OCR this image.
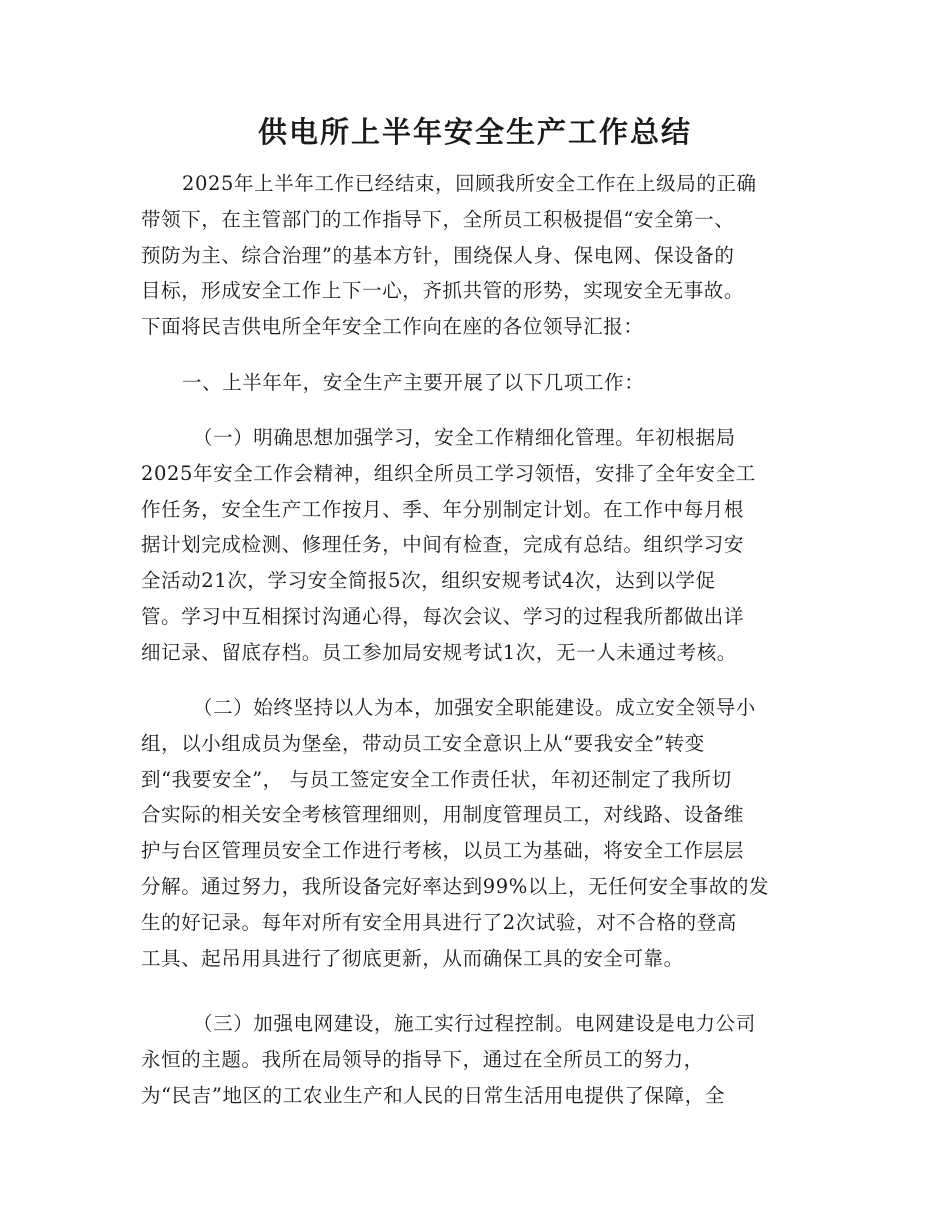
供电所上半年安全生产工作总结
2025年上半年工作已经结束，回顾我所安全工作在上级局的正确
带领下，在主管部门的工作指导下，全所员工积极提倡“安全第一、
预防为主、综合治理”的基本方针，围绕保人身、保电网、保设备的
目标，形成安全工作上下一心，齐抓共管的形势，实现安全无事故。
下面将民吉供电所全年安全工作向在座的各位领导汇报：
一、上半年年，安全生产主要开展了以下几项工作：
（一）明确思想加强学习，安全工作精细化管理。年初根据局
2025年安全工作会精神，组织全所员工学习领悟，安排了全年安全工
作任务，安全生产工作按月、季、年分别制定计划。在工作中每月根
据计划完成检测、修理任务，中间有检查，完成有总结。组织学习安
全活动21次，学习安全简报5次，组织安规考试4次，达到以学促
管。学习中互相探讨沟通心得，每次会议、学习的过程我所都做出详
细记录、留底存档。员工参加局安规考试1次，无一人未通过考核。
（二）始终坚持以人为本，加强安全职能建设。成立安全领导小
组，以小组成员为堡垒，带动员工安全意识上从“要我安全”转变
到“我要安全”， 与员工签定安全工作责任状，年初还制定了我所切
合实际的相关安全考核管理细则，用制度管理员工，对线路、设备维
护与台区管理员安全工作进行考核，以员工为基础，将安全工作层层
分解。通过努力，我所设备完好率达到99%以上，无任何安全事故的发
生的好记录。每年对所有安全用具进行了2次试验，对不合格的登高
工具、起吊用具进行了彻底更新，从而确保工具的安全可靠。
（三）加强电网建设，施工实行过程控制。电网建设是电力公司
永恒的主题。我所在局领导的指导下，通过在全所员工的努力，
为“民吉”地区的工农业生产和人民的日常生活用电提供了保障，全
